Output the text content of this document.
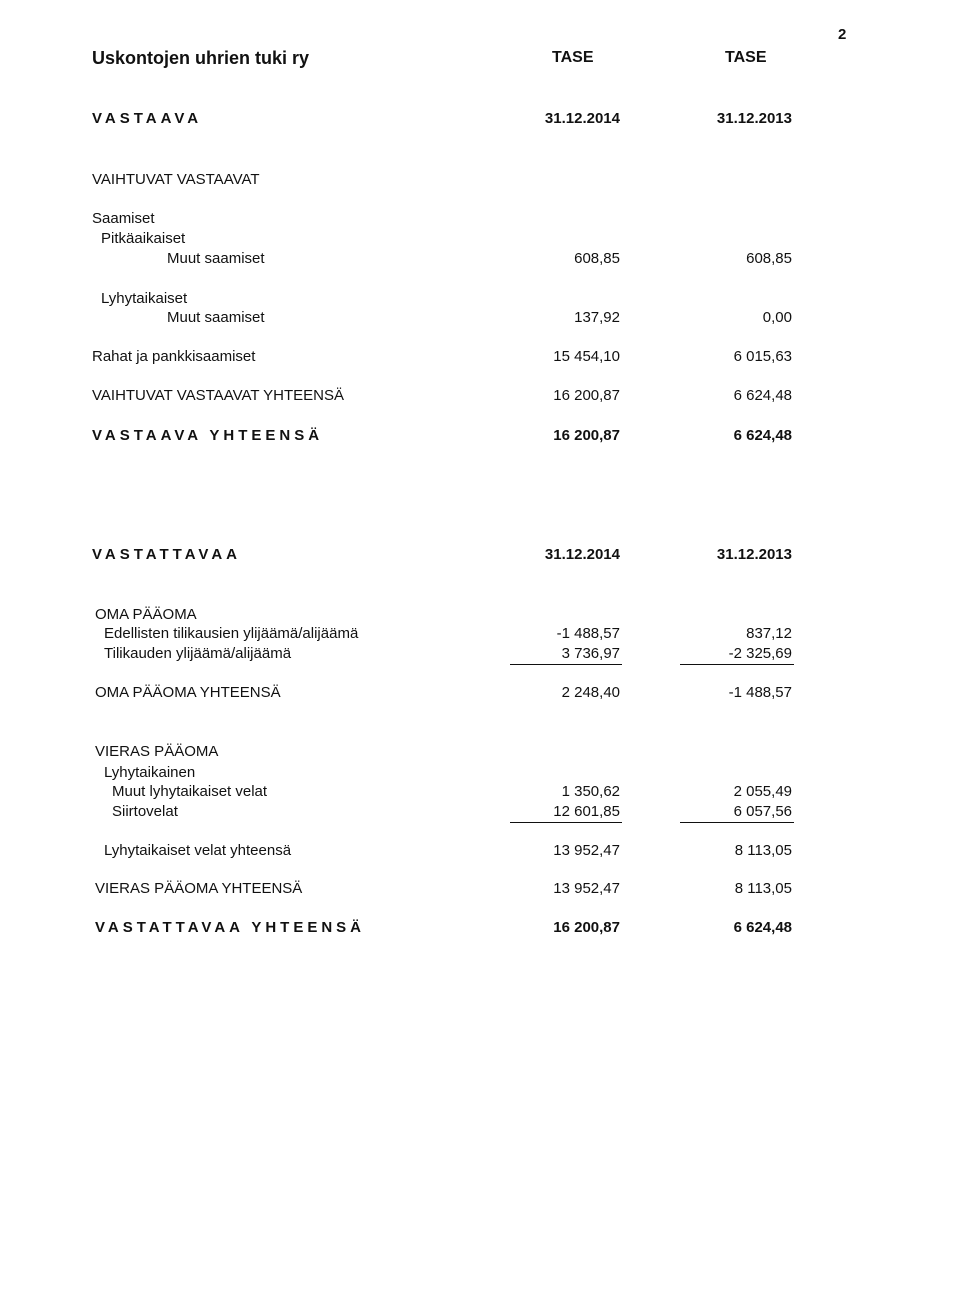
2
Uskontojen uhrien tuki ry	TASE	TASE
VASTAAVA	31.12.2014	31.12.2013
VAIHTUVAT VASTAAVAT
Saamiset
Pitkäaikaiset
Muut saamiset	608,85	608,85
Lyhytaikaiset
Muut saamiset	137,92	0,00
Rahat ja pankkisaamiset	15 454,10	6 015,63
VAIHTUVAT VASTAAVAT YHTEENSÄ	16 200,87	6 624,48
VASTAAVA YHTEENSÄ	16 200,87	6 624,48
VASTATTAVAA	31.12.2014	31.12.2013
OMA PÄÄOMA
Edellisten tilikausien ylijäämä/alijäämä	-1 488,57	837,12
Tilikauden ylijäämä/alijäämä	3 736,97	-2 325,69
OMA PÄÄOMA YHTEENSÄ	2 248,40	-1 488,57
VIERAS PÄÄOMA
Lyhytaikainen
Muut lyhytaikaiset velat	1 350,62	2 055,49
Siirtovelat	12 601,85	6 057,56
Lyhytaikaiset velat yhteensä	13 952,47	8 113,05
VIERAS PÄÄOMA YHTEENSÄ	13 952,47	8 113,05
VASTATTAVAA YHTEENSÄ	16 200,87	6 624,48
